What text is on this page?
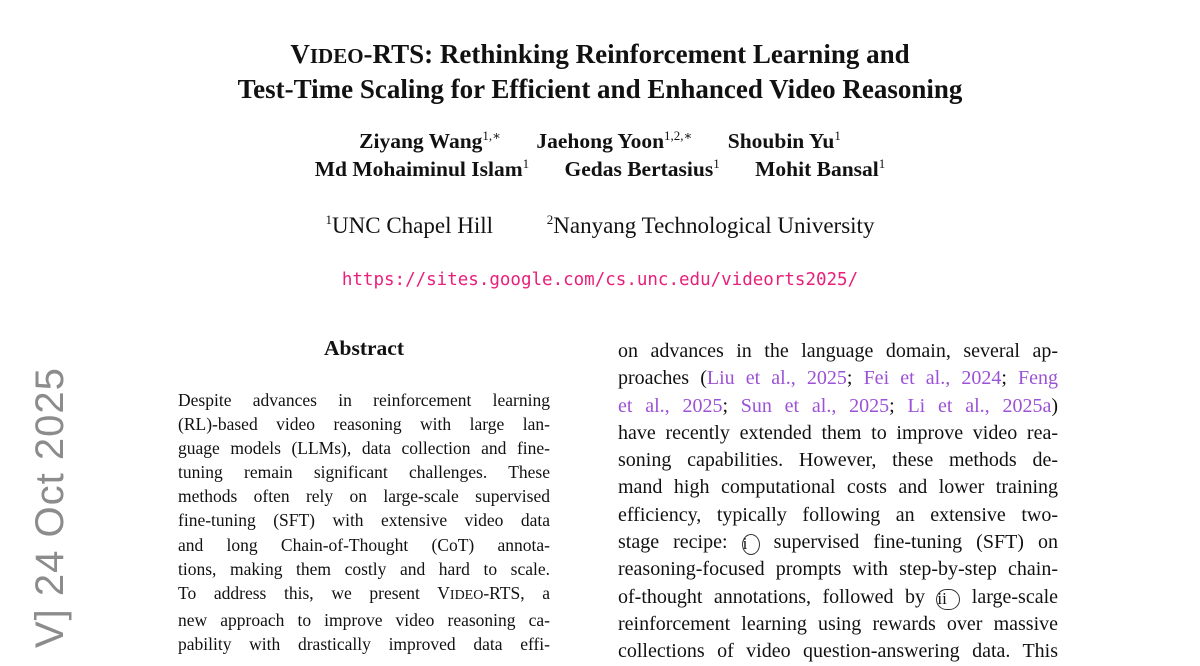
V] 24 Oct 2025
VIDEO-RTS: Rethinking Reinforcement Learning and
Test-Time Scaling for Efficient and Enhanced Video Reasoning
Ziyang Wang$^{1,∗}$ Jaehong Yoon$^{1,2,∗}$ Shoubin Yu$^1$
Md Mohaiminul Islam$^1$ Gedas Bertasius$^1$ Mohit Bansal$^1$
$^1$UNC Chapel Hill	$^2$Nanyang Technological University
https://sites.google.com/cs.unc.edu/videorts2025/
Abstract
Despite advances in reinforcement learning
(RL)-based video reasoning with large lan-
guage models (LLMs), data collection and fine-
tuning remain significant challenges. These
methods often rely on large-scale supervised
fine-tuning (SFT) with extensive video data
and long Chain-of-Thought (CoT) annota-
tions, making them costly and hard to scale.
To address this, we present VIDEO-RTS, a
new approach to improve video reasoning ca-
pability with drastically improved data effi-
on advances in the language domain, several ap-
proaches (Liu et al., 2025; Fei et al., 2024; Feng
et al., 2025; Sun et al., 2025; Li et al., 2025a)
have recently extended them to improve video rea-
soning capabilities. However, these methods de-
mand high computational costs and lower training
efficiency, typically following an extensive two-
stage recipe: i supervised fine-tuning (SFT) on
reasoning-focused prompts with step-by-step chain-
of-thought annotations, followed by ii large-scale
reinforcement learning using rewards over massive
collections of video question-answering data. This
